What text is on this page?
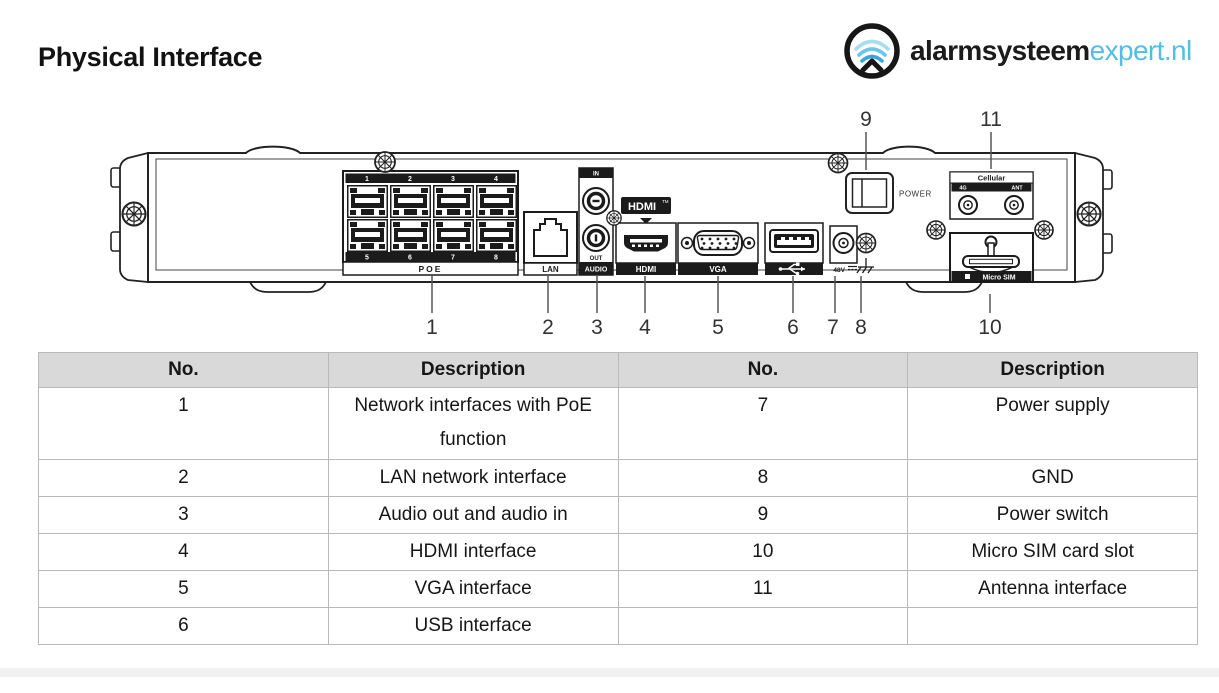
Physical Interface	alarmsysteemexpert.nl
1	2	3	4
5	6	7	8
POE	LAN
IN
OUT
AUDIO
HDMI TM
HDMI	VGA	48V
POWER
Cellular
4G	ANT
Micro SIM
9	11
1	2 3 4	5	6 7 8	10
No.	Description	No.	Description
1	Network interfaces with PoE function	7	Power supply
2	LAN network interface	8	GND
3	Audio out and audio in	9	Power switch
4	HDMI interface	10	Micro SIM card slot
5	VGA interface	11	Antenna interface
6	USB interface		
